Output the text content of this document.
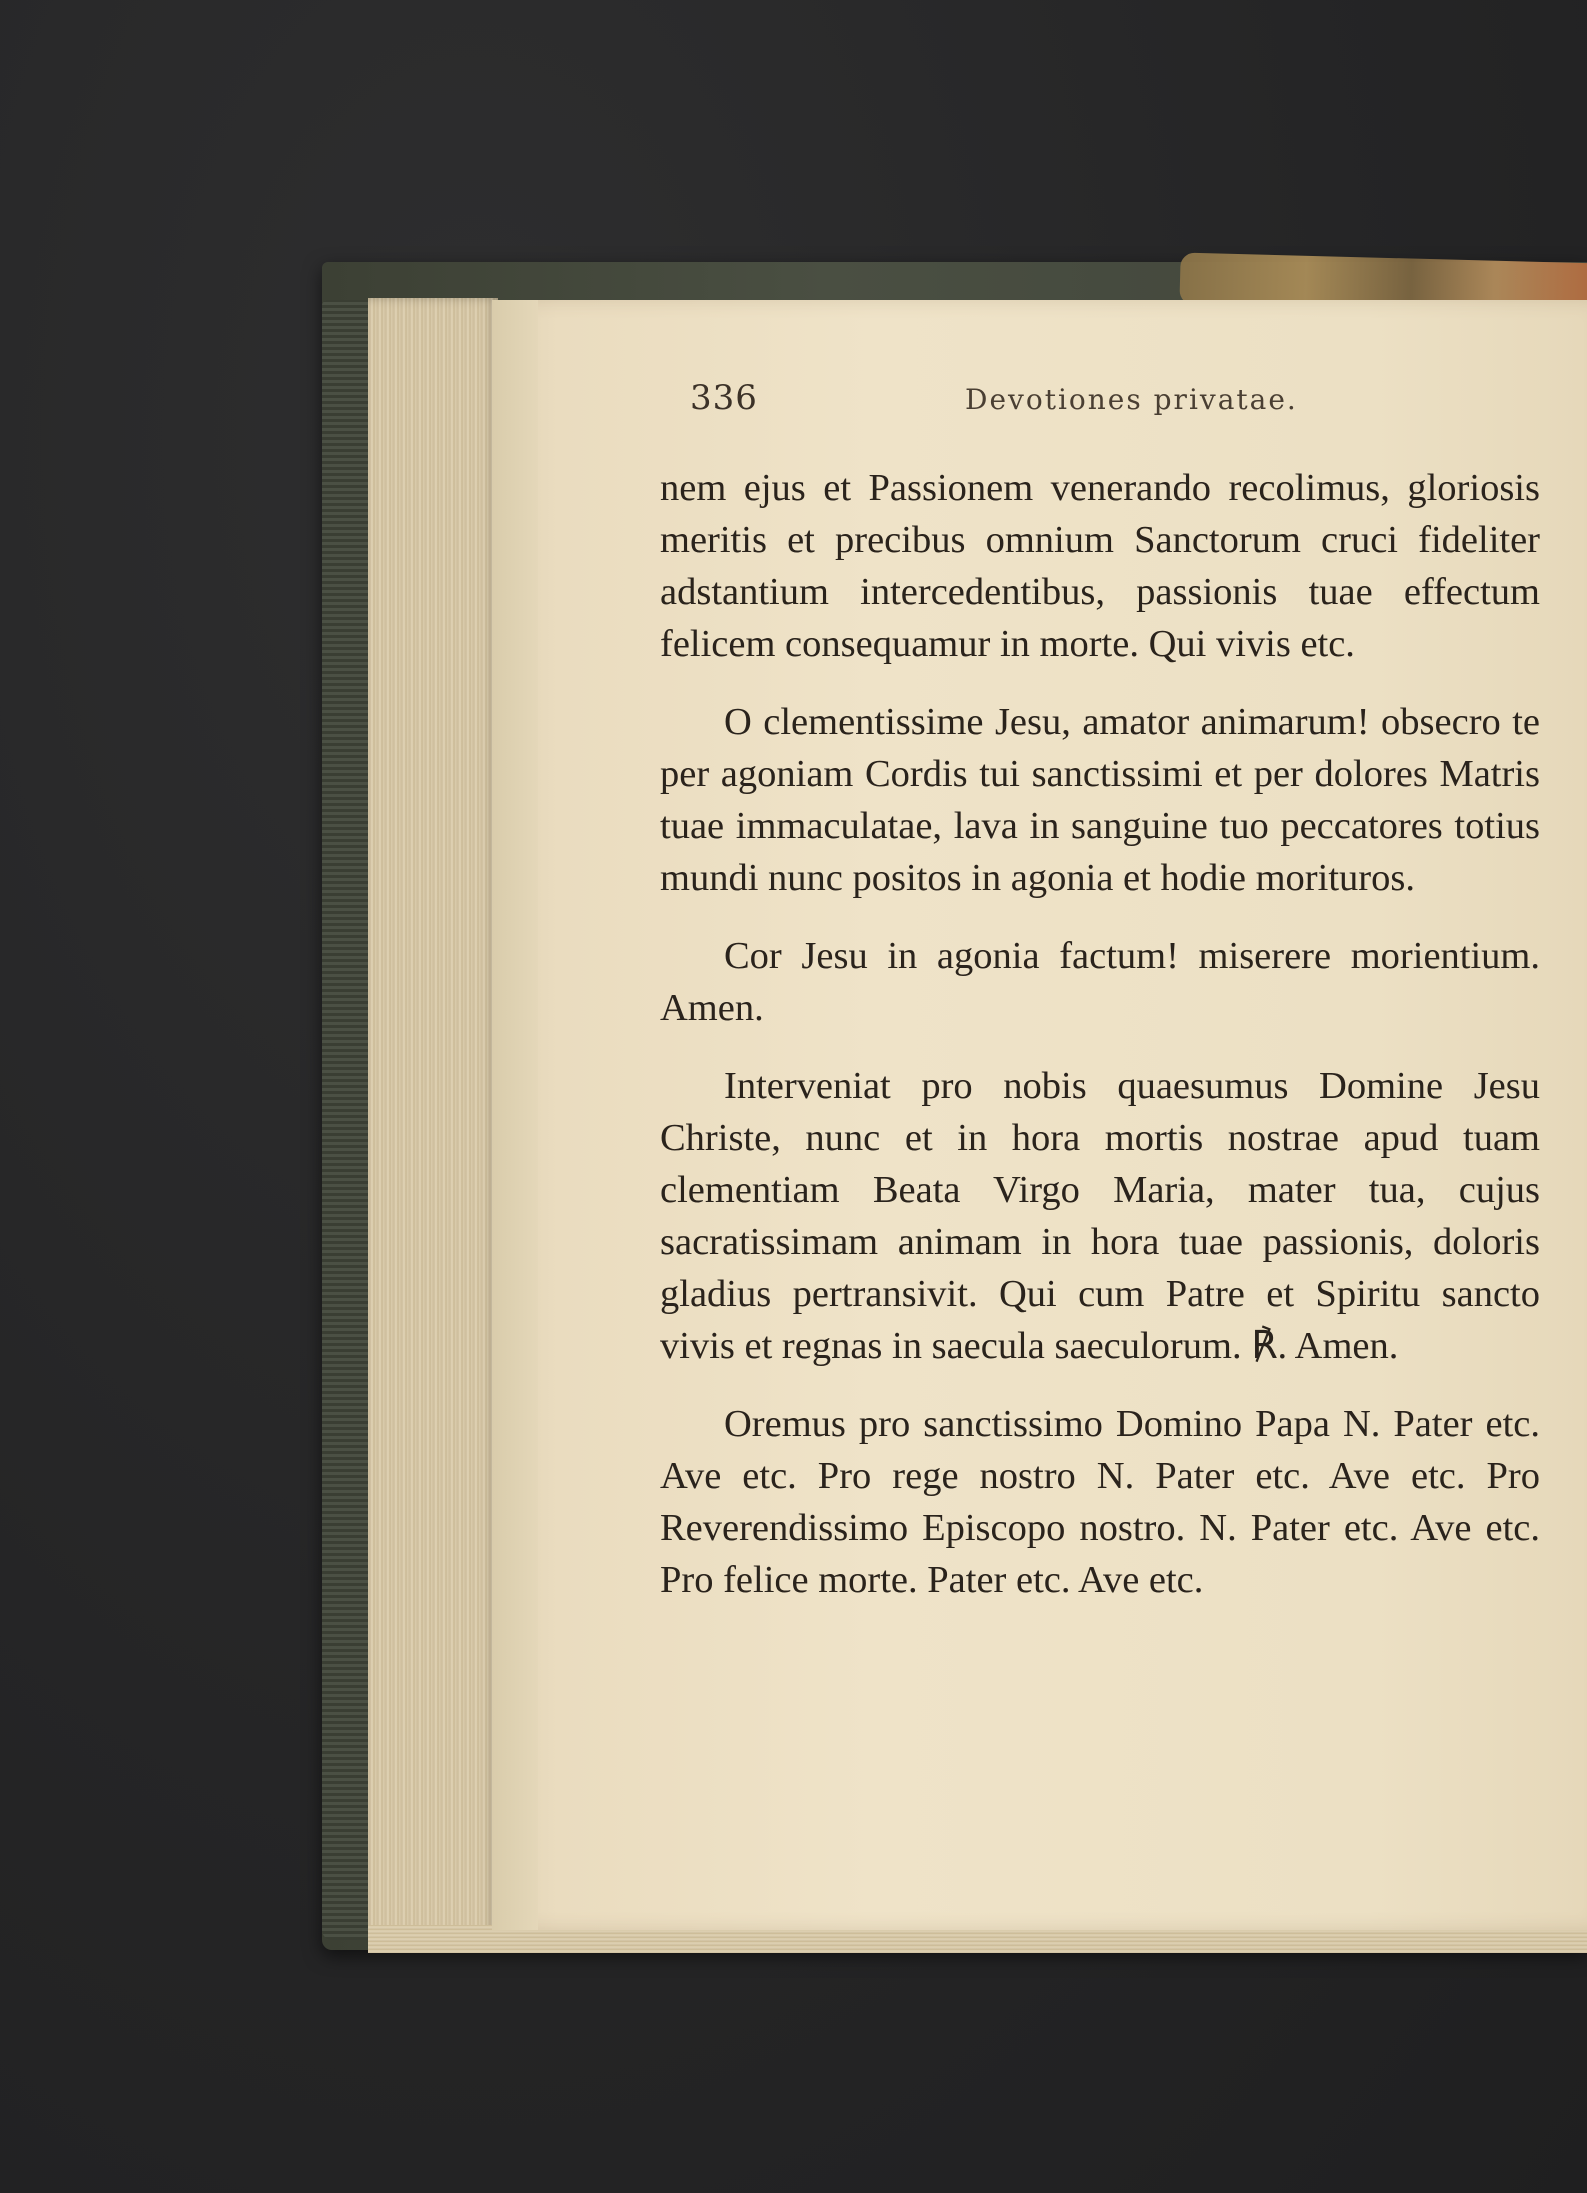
336	Devotiones privatae.

nem ejus et Passionem venerando recolimus, gloriosis meritis et precibus omnium Sanctorum cruci fideliter adstantium intercedentibus, passionis tuae effectum felicem consequamur in morte. Qui vivis etc.

O clementissime Jesu, amator animarum! obsecro te per agoniam Cordis tui sanctissimi et per dolores Matris tuae immaculatae, lava in sanguine tuo peccatores totius mundi nunc positos in agonia et hodie morituros.

Cor Jesu in agonia factum! miserere morientium. Amen.

Interveniat pro nobis quaesumus Domine Jesu Christe, nunc et in hora mortis nostrae apud tuam clementiam Beata Virgo Maria, mater tua, cujus sacratissimam animam in hora tuae passionis, doloris gladius pertransivit. Qui cum Patre et Spiritu sancto vivis et regnas in saecula saeculorum. ℟. Amen.

Oremus pro sanctissimo Domino Papa N. Pater etc. Ave etc. Pro rege nostro N. Pater etc. Ave etc. Pro Reverendissimo Episcopo nostro. N. Pater etc. Ave etc. Pro felice morte. Pater etc. Ave etc.
